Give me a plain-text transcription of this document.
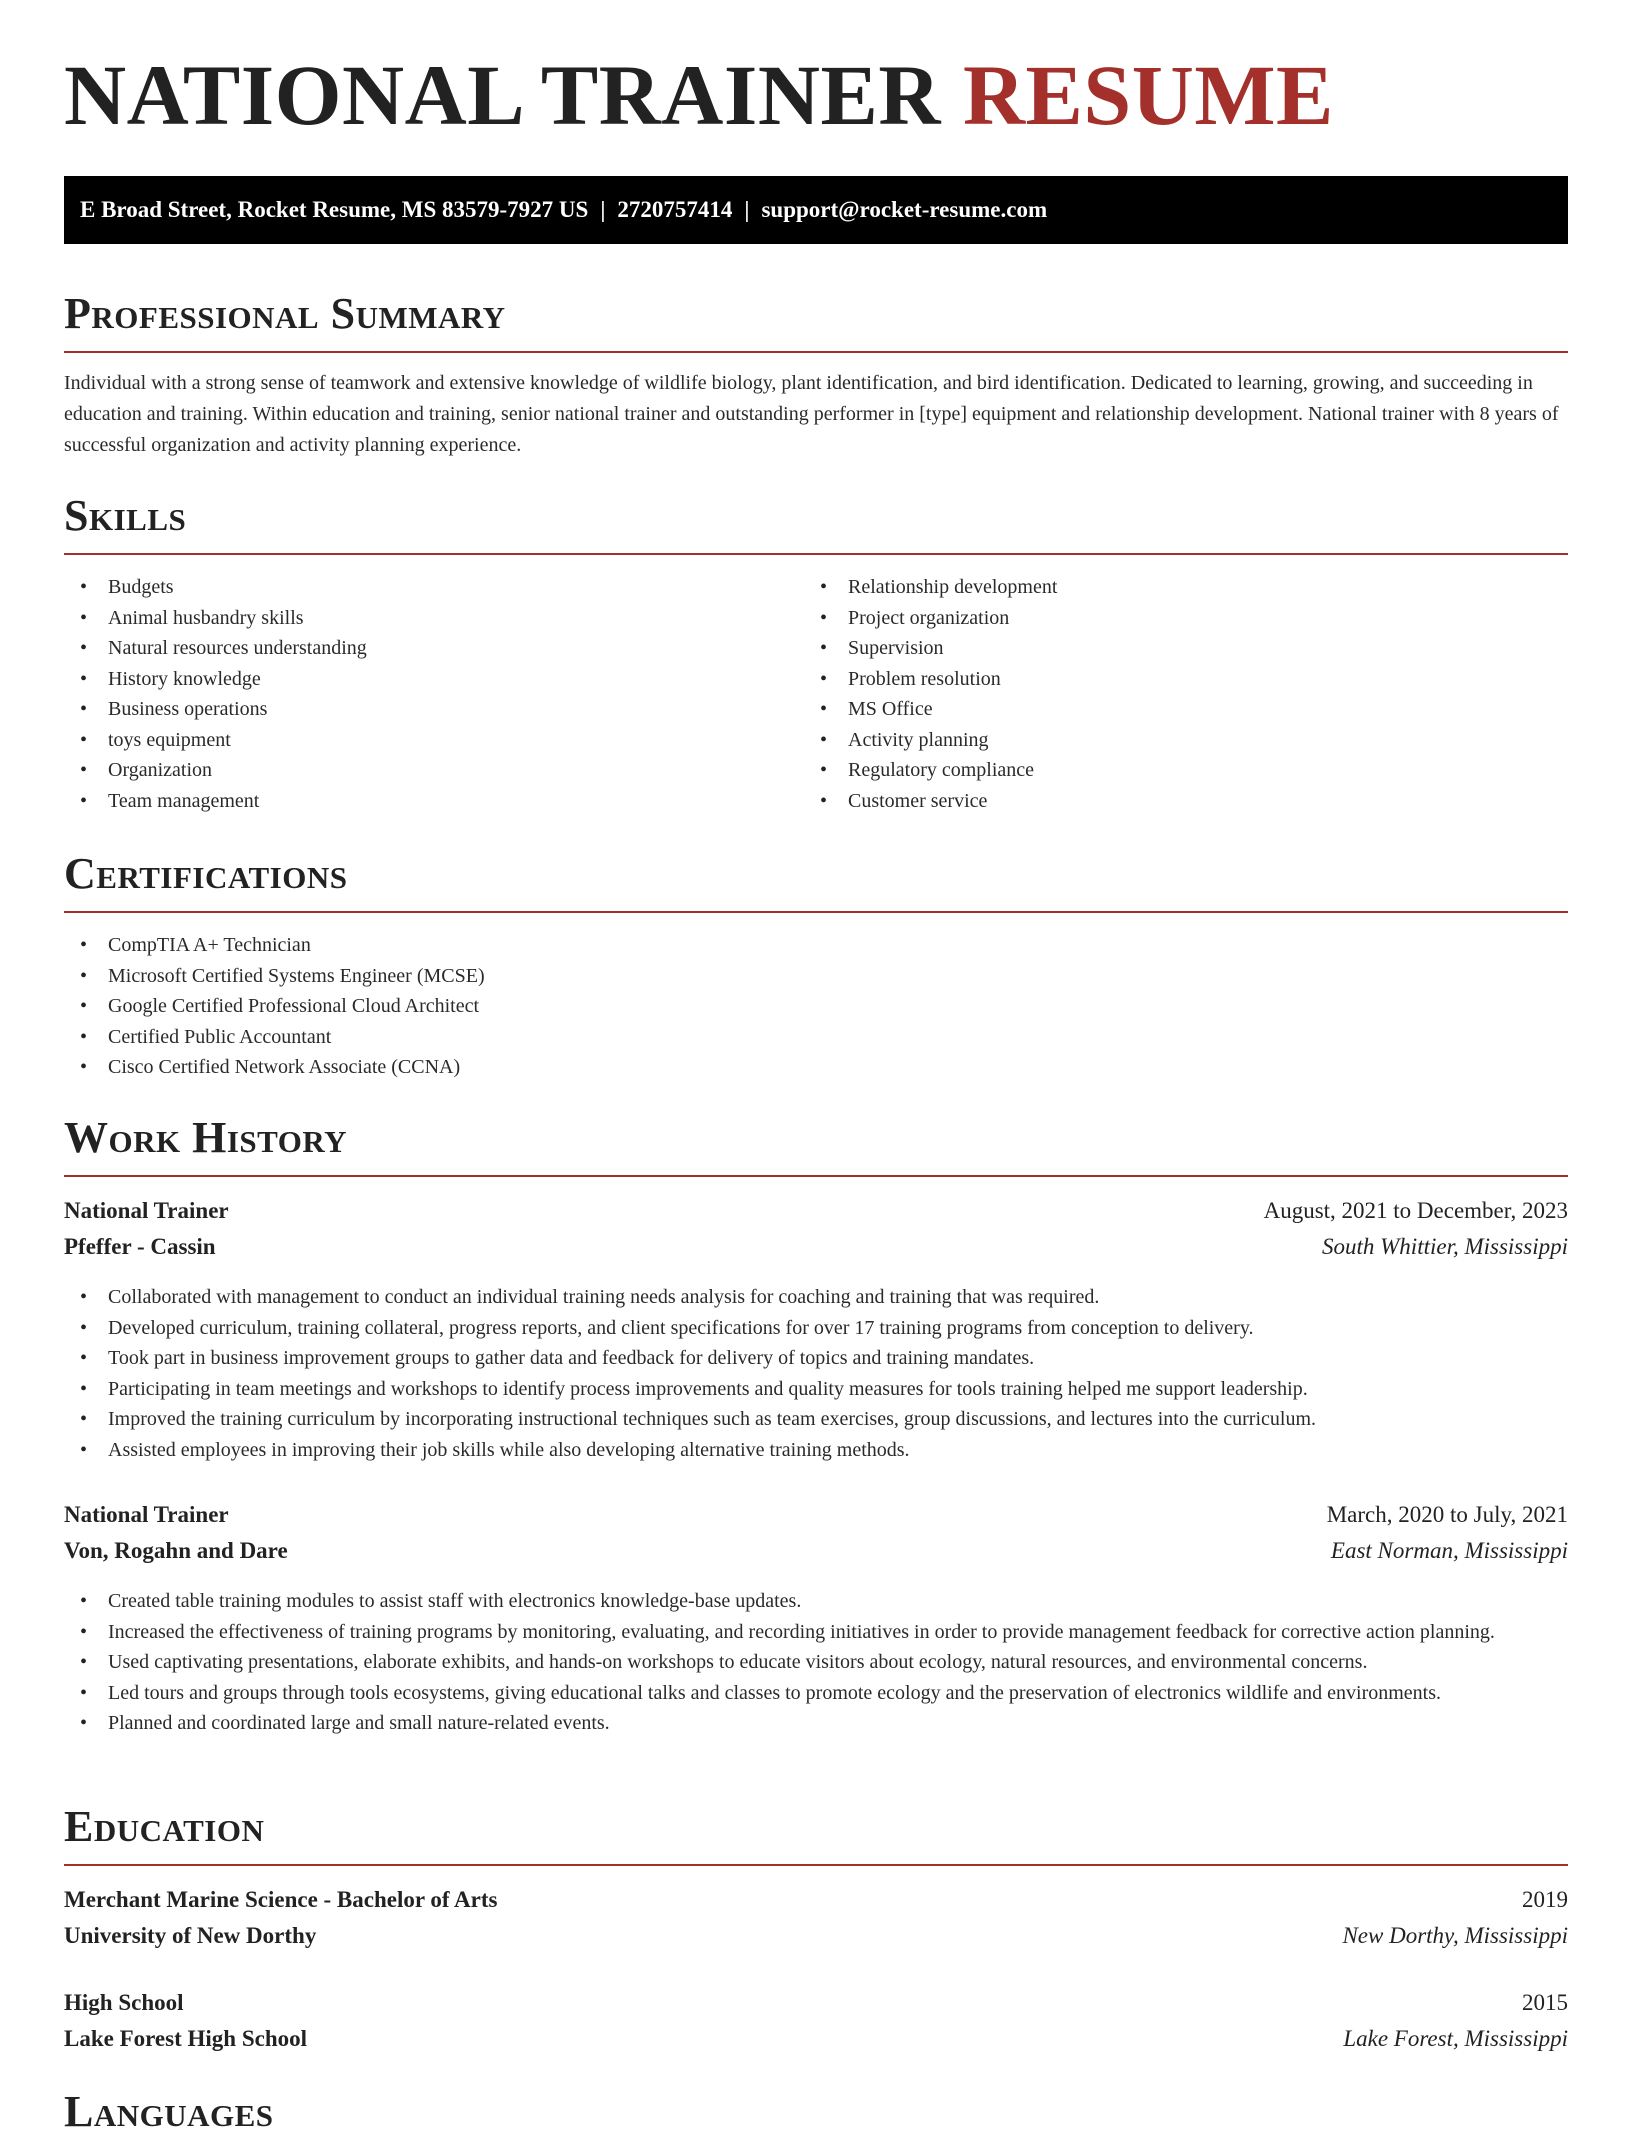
NATIONAL TRAINER RESUME
E Broad Street, Rocket Resume, MS 83579-7927 US | 2720757414 | support@rocket-resume.com
Professional Summary

Individual with a strong sense of teamwork and extensive knowledge of wildlife biology, plant identification, and bird identification. Dedicated to learning, growing, and succeeding in education and training. Within education and training, senior national trainer and outstanding performer in [type] equipment and relationship development. National trainer with 8 years of successful organization and activity planning experience.

Skills
• Budgets
• Animal husbandry skills
• Natural resources understanding
• History knowledge
• Business operations
• toys equipment
• Organization
• Team management
• Relationship development
• Project organization
• Supervision
• Problem resolution
• MS Office
• Activity planning
• Regulatory compliance
• Customer service
Certifications
• CompTIA A+ Technician
• Microsoft Certified Systems Engineer (MCSE)
• Google Certified Professional Cloud Architect
• Certified Public Accountant
• Cisco Certified Network Associate (CCNA)
Work History
National Trainer	August, 2021 to December, 2023
Pfeffer - Cassin	South Whittier, Mississippi
• Collaborated with management to conduct an individual training needs analysis for coaching and training that was required.
• Developed curriculum, training collateral, progress reports, and client specifications for over 17 training programs from conception to delivery.
• Took part in business improvement groups to gather data and feedback for delivery of topics and training mandates.
• Participating in team meetings and workshops to identify process improvements and quality measures for tools training helped me support leadership.
• Improved the training curriculum by incorporating instructional techniques such as team exercises, group discussions, and lectures into the curriculum.
• Assisted employees in improving their job skills while also developing alternative training methods.
National Trainer	March, 2020 to July, 2021
Von, Rogahn and Dare	East Norman, Mississippi
• Created table training modules to assist staff with electronics knowledge-base updates.
• Increased the effectiveness of training programs by monitoring, evaluating, and recording initiatives in order to provide management feedback for corrective action planning.
• Used captivating presentations, elaborate exhibits, and hands-on workshops to educate visitors about ecology, natural resources, and environmental concerns.
• Led tours and groups through tools ecosystems, giving educational talks and classes to promote ecology and the preservation of electronics wildlife and environments.
• Planned and coordinated large and small nature-related events.
Education
Merchant Marine Science - Bachelor of Arts	2019
University of New Dorthy	New Dorthy, Mississippi
High School	2015
Lake Forest High School	Lake Forest, Mississippi
Languages
